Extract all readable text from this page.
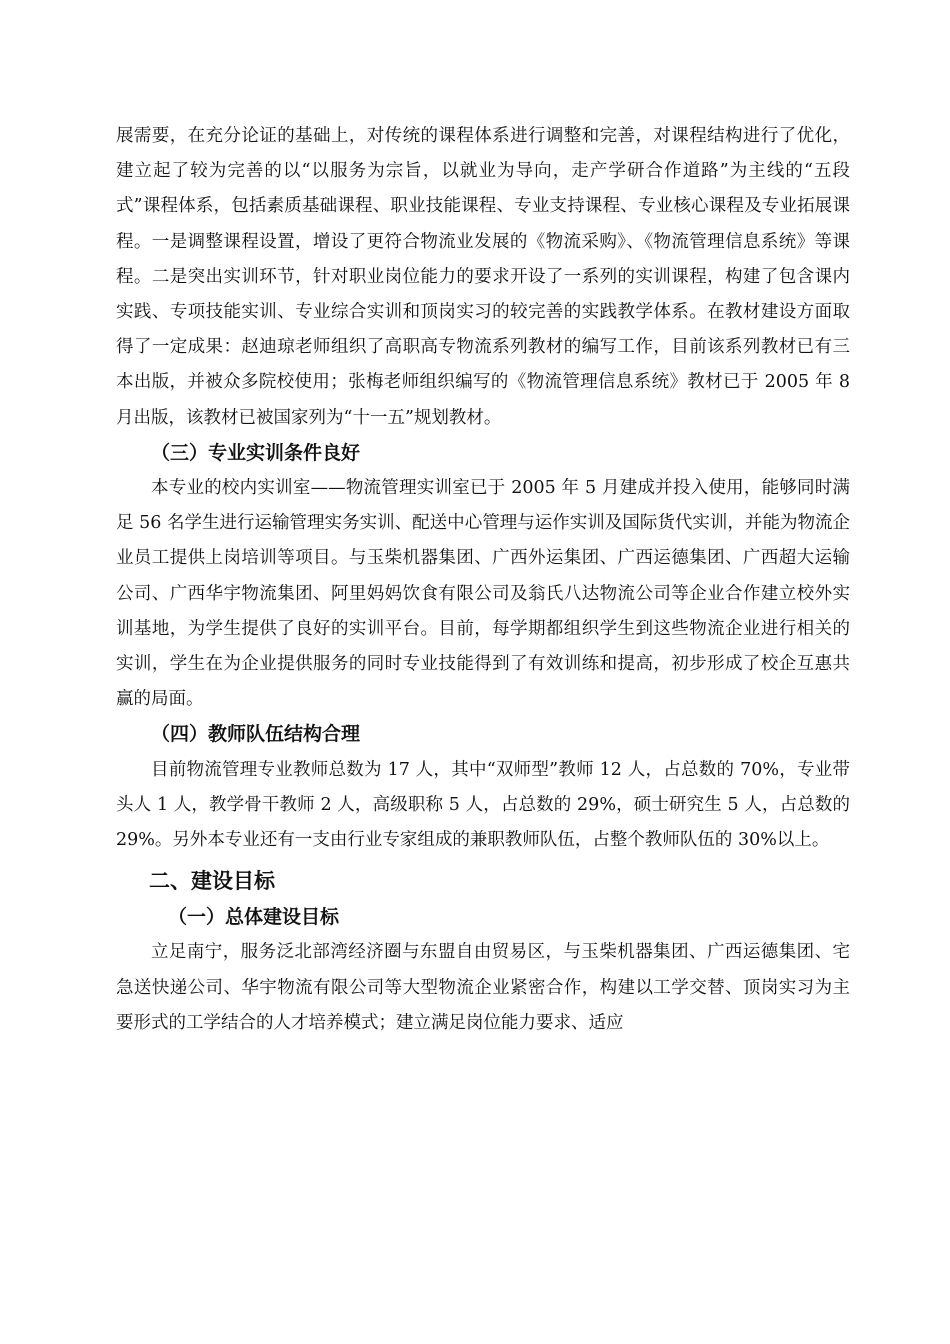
展需要，在充分论证的基础上，对传统的课程体系进行调整和完善，对课程结构进行了优化，建立起了较为完善的以“以服务为宗旨，以就业为导向，走产学研合作道路”为主线的“五段式”课程体系，包括素质基础课程、职业技能课程、专业支持课程、专业核心课程及专业拓展课程。一是调整课程设置，增设了更符合物流业发展的《物流采购》、《物流管理信息系统》等课程。二是突出实训环节，针对职业岗位能力的要求开设了一系列的实训课程，构建了包含课内实践、专项技能实训、专业综合实训和顶岗实习的较完善的实践教学体系。在教材建设方面取得了一定成果：赵迪琼老师组织了高职高专物流系列教材的编写工作，目前该系列教材已有三本出版，并被众多院校使用；张梅老师组织编写的《物流管理信息系统》教材已于 2005 年 8 月出版，该教材已被国家列为“十一五”规划教材。

（三）专业实训条件良好

本专业的校内实训室——物流管理实训室已于 2005 年 5 月建成并投入使用，能够同时满足 56 名学生进行运输管理实务实训、配送中心管理与运作实训及国际货代实训，并能为物流企业员工提供上岗培训等项目。与玉柴机器集团、广西外运集团、广西运德集团、广西超大运输公司、广西华宇物流集团、阿里妈妈饮食有限公司及翁氏八达物流公司等企业合作建立校外实训基地，为学生提供了良好的实训平台。目前，每学期都组织学生到这些物流企业进行相关的实训，学生在为企业提供服务的同时专业技能得到了有效训练和提高，初步形成了校企互惠共赢的局面。

（四）教师队伍结构合理

目前物流管理专业教师总数为 17 人，其中“双师型”教师 12 人，占总数的 70%，专业带头人 1 人，教学骨干教师 2 人，高级职称 5 人，占总数的 29%，硕士研究生 5 人，占总数的 29%。另外本专业还有一支由行业专家组成的兼职教师队伍，占整个教师队伍的 30%以上。

二、建设目标
（一）总体建设目标

立足南宁，服务泛北部湾经济圈与东盟自由贸易区，与玉柴机器集团、广西运德集团、宅急送快递公司、华宇物流有限公司等大型物流企业紧密合作，构建以工学交替、顶岗实习为主要形式的工学结合的人才培养模式；建立满足岗位能力要求、适应
